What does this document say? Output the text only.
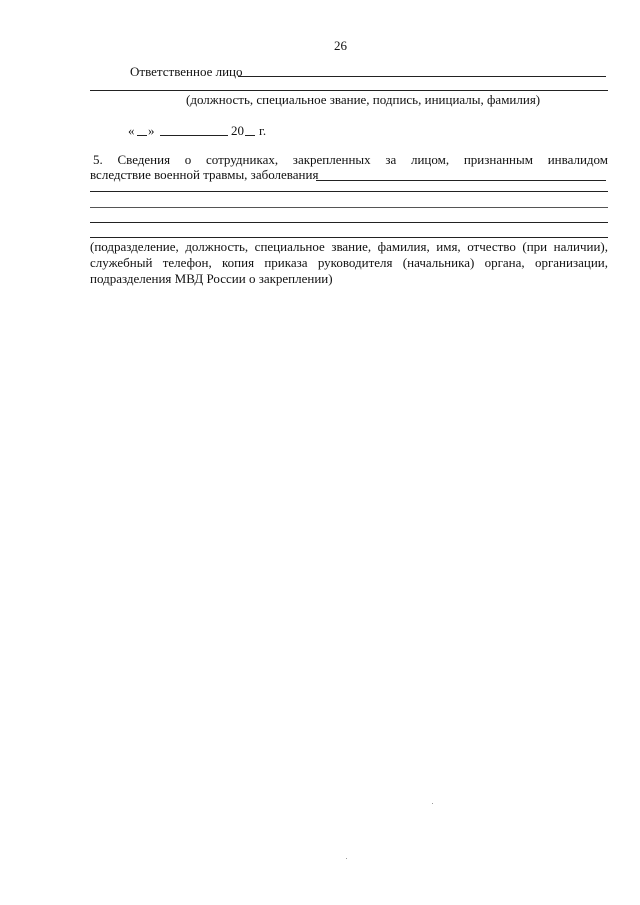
26
Ответственное лицо
(должность, специальное звание, подпись, инициалы, фамилия)
« »	20 г.
5. Сведения о сотрудниках, закрепленных за лицом, признанным инвалидом
вследствие военной травмы, заболевания
(подразделение, должность, специальное звание, фамилия, имя, отчество (при наличии),
служебный телефон, копия приказа руководителя (начальника) органа, организации,
подразделения МВД России о закреплении)
